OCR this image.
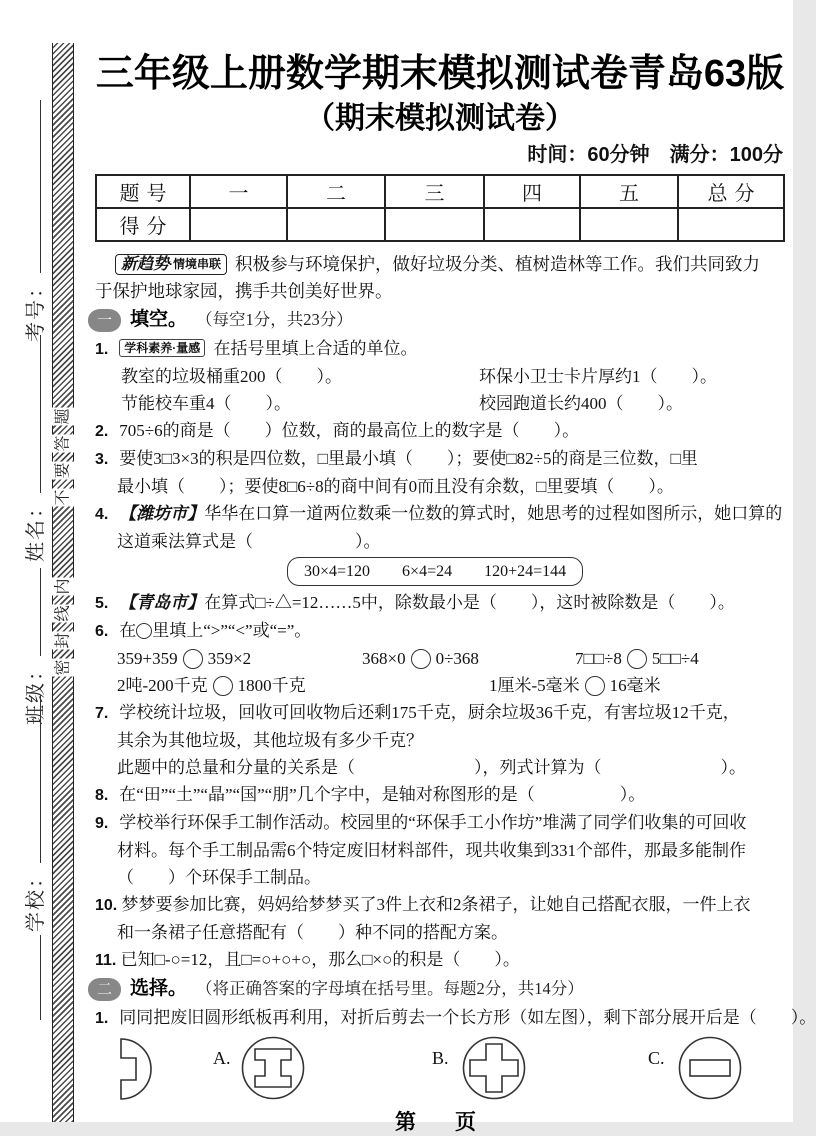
考号：
姓名：
班级：
学校：
题
答
要
不
内
线
封
密
三年级上册数学期末模拟测试卷青岛63版
（期末模拟测试卷）
时间：60分钟　满分：100分
题号	一	二	三	四	五	总分
得分						
新趋势 ·情境串联 积极参与环境保护，做好垃圾分类、植树造林等工作。我们共同致力
于保护地球家园，携手共创美好世界。
一 填空。 （每空1分，共23分）
1. 学科素养·量感 在括号里填上合适的单位。
教室的垃圾桶重200（　　）。	环保小卫士卡片厚约1（　　）。
节能校车重4（　　）。	校园跑道长约400（　　）。
2. 705÷6的商是（　　）位数，商的最高位上的数字是（　　）。
3. 要使3□3×3的积是四位数，□里最小填（　　）；要使□82÷5的商是三位数，□里
最小填（　　）；要使8□6÷8的商中间有0而且没有余数，□里要填（　　）。
4. 【潍坊市】华华在口算一道两位数乘一位数的算式时，她思考的过程如图所示，她口算的
这道乘法算式是（　　　　　　）。
30×4=120 6×4=24 120+24=144
5. 【青岛市】在算式□÷△=12……5中，除数最小是（　　），这时被除数是（　　）。
6. 在 里填上“>”“<”或“=”。
359+359 359×2	368×0 0÷368	7□□÷8 5□□÷4
2吨-200千克 1800千克	1厘米-5毫米 16毫米
7. 学校统计垃圾，回收可回收物后还剩175千克，厨余垃圾36千克，有害垃圾12千克，
其余为其他垃圾，其他垃圾有多少千克？
此题中的总量和分量的关系是（　　　　　　　），列式计算为（　　　　　　　）。
8. 在“田”“土”“晶”“国”“朋”几个字中，是轴对称图形的是（　　　　　）。
9. 学校举行环保手工制作活动。校园里的“环保手工小作坊”堆满了同学们收集的可回收
材料。每个手工制品需6个特定废旧材料部件，现共收集到331个部件，那最多能制作
（　　）个环保手工制品。
10. 梦梦要参加比赛，妈妈给梦梦买了3件上衣和2条裙子，让她自己搭配衣服，一件上衣
和一条裙子任意搭配有（　　）种不同的搭配方案。
11. 已知□-○=12，且□=○+○+○，那么□×○的积是（　　）。
二 选择。 （将正确答案的字母填在括号里。每题2分，共14分）
1. 同同把废旧圆形纸板再利用，对折后剪去一个长方形（如左图），剩下部分展开后是（　　）。
A.	B.	C.
第　页
